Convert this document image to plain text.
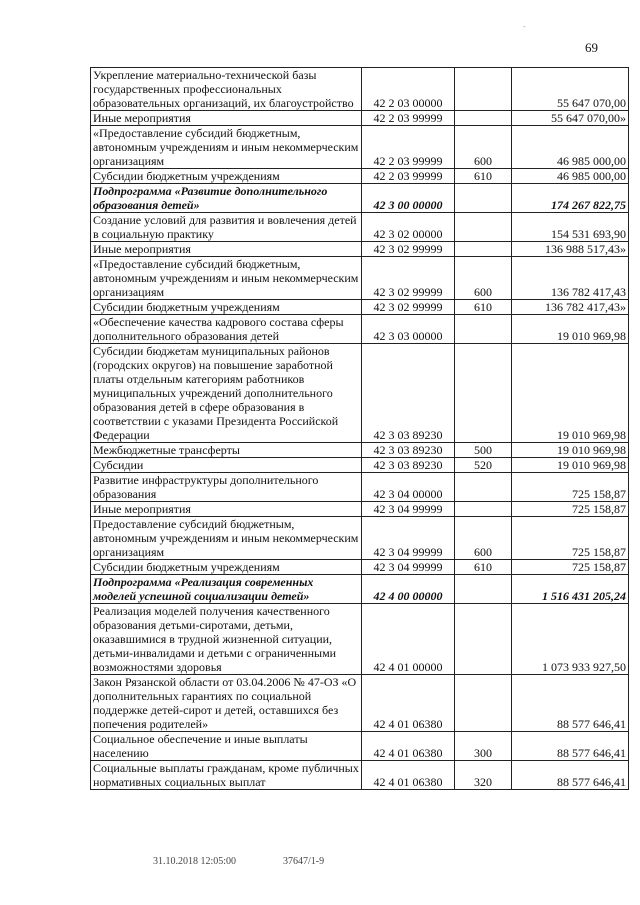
-
69
Укрепление материально-технической базы государственных профессиональных образовательных организаций, их благоустройство	42 2 03 00000		55 647 070,00
Иные мероприятия	42 2 03 99999		55 647 070,00»
«Предоставление субсидий бюджетным, автономным учреждениям и иным некоммерческим организациям	42 2 03 99999	600	46 985 000,00
Субсидии бюджетным учреждениям	42 2 03 99999	610	46 985 000,00
Подпрограмма «Развитие дополнительного образования детей»	42 3 00 00000		174 267 822,75
Создание условий для развития и вовлечения детей в социальную практику	42 3 02 00000		154 531 693,90
Иные мероприятия	42 3 02 99999		136 988 517,43»
«Предоставление субсидий бюджетным, автономным учреждениям и иным некоммерческим организациям	42 3 02 99999	600	136 782 417,43
Субсидии бюджетным учреждениям	42 3 02 99999	610	136 782 417,43»
«Обеспечение качества кадрового состава сферы дополнительного образования детей	42 3 03 00000		19 010 969,98
Субсидии бюджетам муниципальных районов (городских округов) на повышение заработной платы отдельным категориям работников муниципальных учреждений дополнительного образования детей в сфере образования в соответствии с указами Президента Российской Федерации	42 3 03 89230		19 010 969,98
Межбюджетные трансферты	42 3 03 89230	500	19 010 969,98
Субсидии	42 3 03 89230	520	19 010 969,98
Развитие инфраструктуры дополнительного образования	42 3 04 00000		725 158,87
Иные мероприятия	42 3 04 99999		725 158,87
Предоставление субсидий бюджетным, автономным учреждениям и иным некоммерческим организациям	42 3 04 99999	600	725 158,87
Субсидии бюджетным учреждениям	42 3 04 99999	610	725 158,87
Подпрограмма «Реализация современных моделей успешной социализации детей»	42 4 00 00000		1 516 431 205,24
Реализация моделей получения качественного образования детьми-сиротами, детьми, оказавшимися в трудной жизненной ситуации, детьми-инвалидами и детьми с ограниченными возможностями здоровья	42 4 01 00000		1 073 933 927,50
Закон Рязанской области от 03.04.2006 № 47-ОЗ «О дополнительных гарантиях по социальной поддержке детей-сирот и детей, оставшихся без попечения родителей»	42 4 01 06380		88 577 646,41
Социальное обеспечение и иные выплаты населению	42 4 01 06380	300	88 577 646,41
Социальные выплаты гражданам, кроме публичных нормативных социальных выплат	42 4 01 06380	320	88 577 646,41
31.10.2018 12:05:00	37647/1-9
